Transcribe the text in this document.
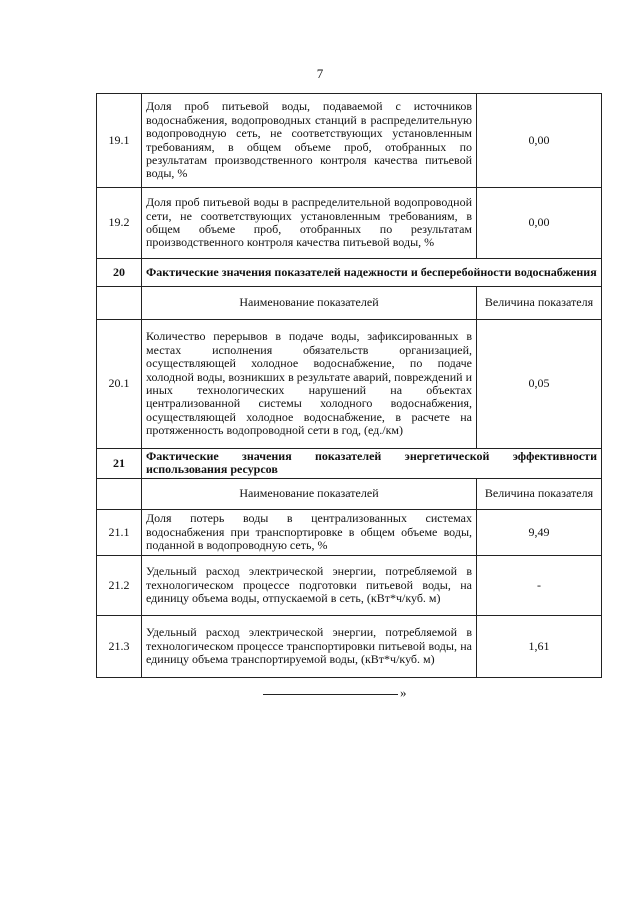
7
19.1	Доля проб питьевой воды, подаваемой с источников водоснабжения, водопроводных станций в распределительную водопроводную сеть, не соответствующих установленным требованиям, в общем объеме проб, отобранных по результатам производственного контроля качества питьевой воды, %	0,00
19.2	Доля проб питьевой воды в распределительной водопроводной сети, не соответствующих установленным требованиям, в общем объеме проб, отобранных по результатам производственного контроля качества питьевой воды, %	0,00
20	Фактические значения показателей надежности и бесперебойности водоснабжения	
	Наименование показателей	Величина показателя
20.1	Количество перерывов в подаче воды, зафиксированных в местах исполнения обязательств организацией, осуществляющей холодное водоснабжение, по подаче холодной воды, возникших в результате аварий, повреждений и иных технологических нарушений на объектах централизованной системы холодного водоснабжения, осуществляющей холодное водоснабжение, в расчете на протяженность водопроводной сети в год, (ед./км)	0,05
21	Фактические значения показателей энергетической эффективности использования ресурсов	
	Наименование показателей	Величина показателя
21.1	Доля потерь воды в централизованных системах водоснабжения при транспортировке в общем объеме воды, поданной в водопроводную сеть, %	9,49
21.2	Удельный расход электрической энергии, потребляемой в технологическом процессе подготовки питьевой воды, на единицу объема воды, отпускаемой в сеть, (кВт*ч/куб. м)	-
21.3	Удельный расход электрической энергии, потребляемой в технологическом процессе транспортировки питьевой воды, на единицу объема транспортируемой воды, (кВт*ч/куб. м)	1,61
»
